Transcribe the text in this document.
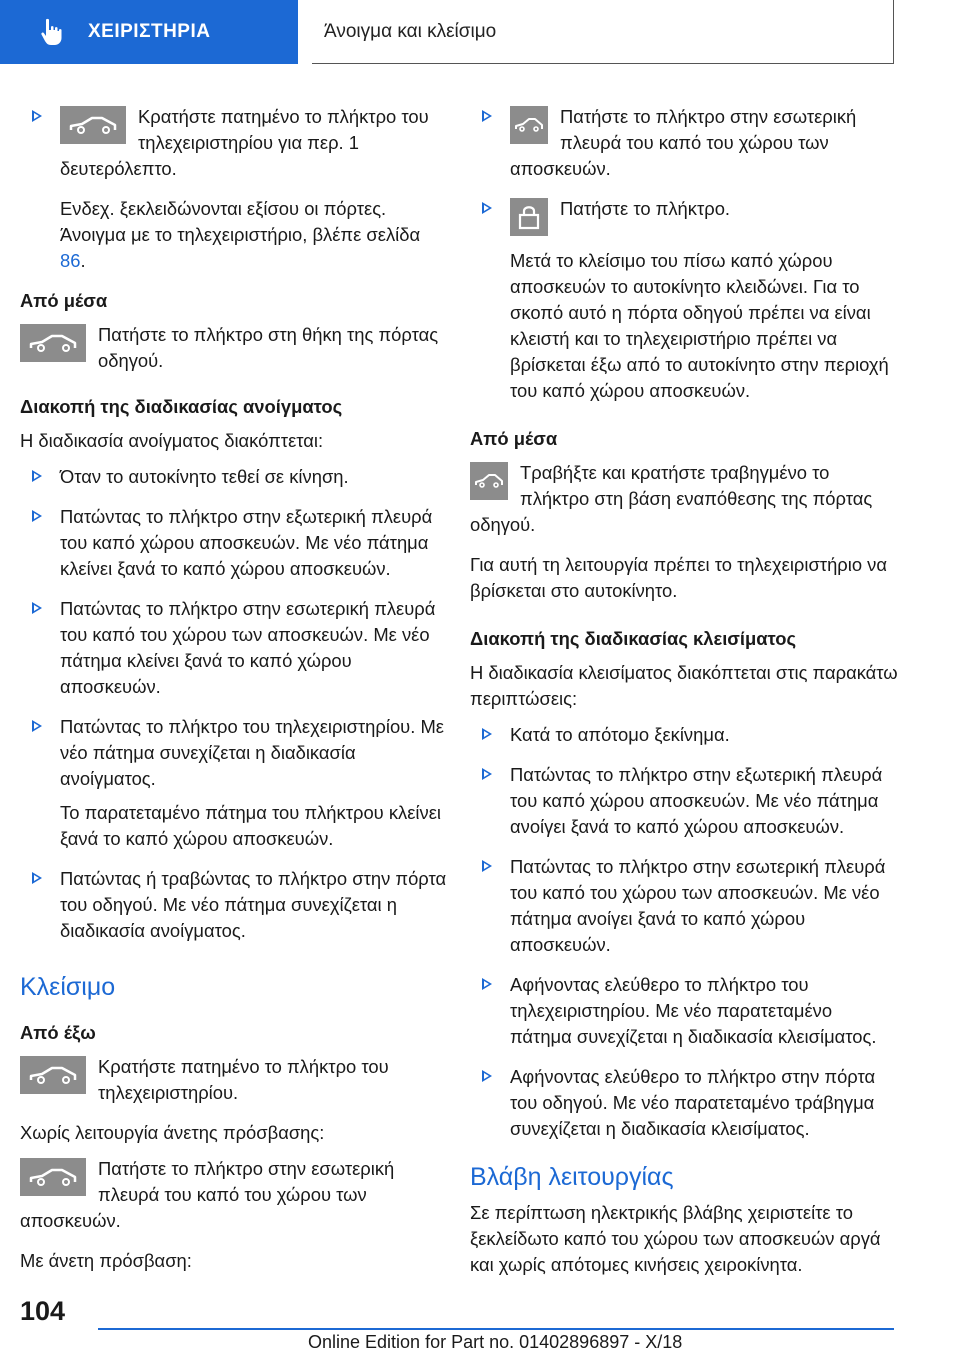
ΧΕΙΡΙΣΤΗΡΙΑ	Άνοιγμα και κλείσιμο

Κρατήστε πατημένο το πλήκτρο του τηλεχειριστηρίου για περ. 1 δευτερόλεπτο.

Ενδεχ. ξεκλειδώνονται εξίσου οι πόρτες. Άνοιγμα με το τηλεχειριστήριο, βλέπε σελίδα 86.

Από μέσα

Πατήστε το πλήκτρο στη θήκη της πόρτας οδηγού.

Διακοπή της διαδικασίας ανοίγματος

Η διαδικασία ανοίγματος διακόπτεται:

Όταν το αυτοκίνητο τεθεί σε κίνηση.

Πατώντας το πλήκτρο στην εξωτερική πλευρά του καπό χώρου αποσκευών. Με νέο πάτημα κλείνει ξανά το καπό χώρου αποσκευών.

Πατώντας το πλήκτρο στην εσωτερική πλευρά του καπό του χώρου των αποσκευών. Με νέο πάτημα κλείνει ξανά το καπό χώρου αποσκευών.

Πατώντας το πλήκτρο του τηλεχειριστηρίου. Με νέο πάτημα συνεχίζεται η διαδικασία ανοίγματος.

Το παρατεταμένο πάτημα του πλήκτρου κλείνει ξανά το καπό χώρου αποσκευών.

Πατώντας ή τραβώντας το πλήκτρο στην πόρτα του οδηγού. Με νέο πάτημα συνεχίζεται η διαδικασία ανοίγματος.

Κλείσιμο
Από έξω

Κρατήστε πατημένο το πλήκτρο του τηλεχειριστηρίου.

Χωρίς λειτουργία άνετης πρόσβασης:

Πατήστε το πλήκτρο στην εσωτερική πλευρά του καπό του χώρου των αποσκευών.

Με άνετη πρόσβαση:

Πατήστε το πλήκτρο στην εσωτερική πλευρά του καπό του χώρου των αποσκευών.

Πατήστε το πλήκτρο.

Μετά το κλείσιμο του πίσω καπό χώρου αποσκευών το αυτοκίνητο κλειδώνει. Για το σκοπό αυτό η πόρτα οδηγού πρέπει να είναι κλειστή και το τηλεχειριστήριο πρέπει να βρίσκεται έξω από το αυτοκίνητο στην περιοχή του καπό χώρου αποσκευών.

Από μέσα

Τραβήξτε και κρατήστε τραβηγμένο το πλήκτρο στη βάση εναπόθεσης της πόρτας οδηγού.

Για αυτή τη λειτουργία πρέπει το τηλεχειριστήριο να βρίσκεται στο αυτοκίνητο.

Διακοπή της διαδικασίας κλεισίματος

Η διαδικασία κλεισίματος διακόπτεται στις παρακάτω περιπτώσεις:

Κατά το απότομο ξεκίνημα.

Πατώντας το πλήκτρο στην εξωτερική πλευρά του καπό χώρου αποσκευών. Με νέο πάτημα ανοίγει ξανά το καπό χώρου αποσκευών.

Πατώντας το πλήκτρο στην εσωτερική πλευρά του καπό του χώρου των αποσκευών. Με νέο πάτημα ανοίγει ξανά το καπό χώρου αποσκευών.

Αφήνοντας ελεύθερο το πλήκτρο του τηλεχειριστηρίου. Με νέο παρατεταμένο πάτημα συνεχίζεται η διαδικασία κλεισίματος.

Αφήνοντας ελεύθερο το πλήκτρο στην πόρτα του οδηγού. Με νέο παρατεταμένο τράβηγμα συνεχίζεται η διαδικασία κλεισίματος.

Βλάβη λειτουργίας

Σε περίπτωση ηλεκτρικής βλάβης χειριστείτε το ξεκλείδωτο καπό του χώρου των αποσκευών αργά και χωρίς απότομες κινήσεις χειροκίνητα.

104
Online Edition for Part no. 01402896897 - X/18
